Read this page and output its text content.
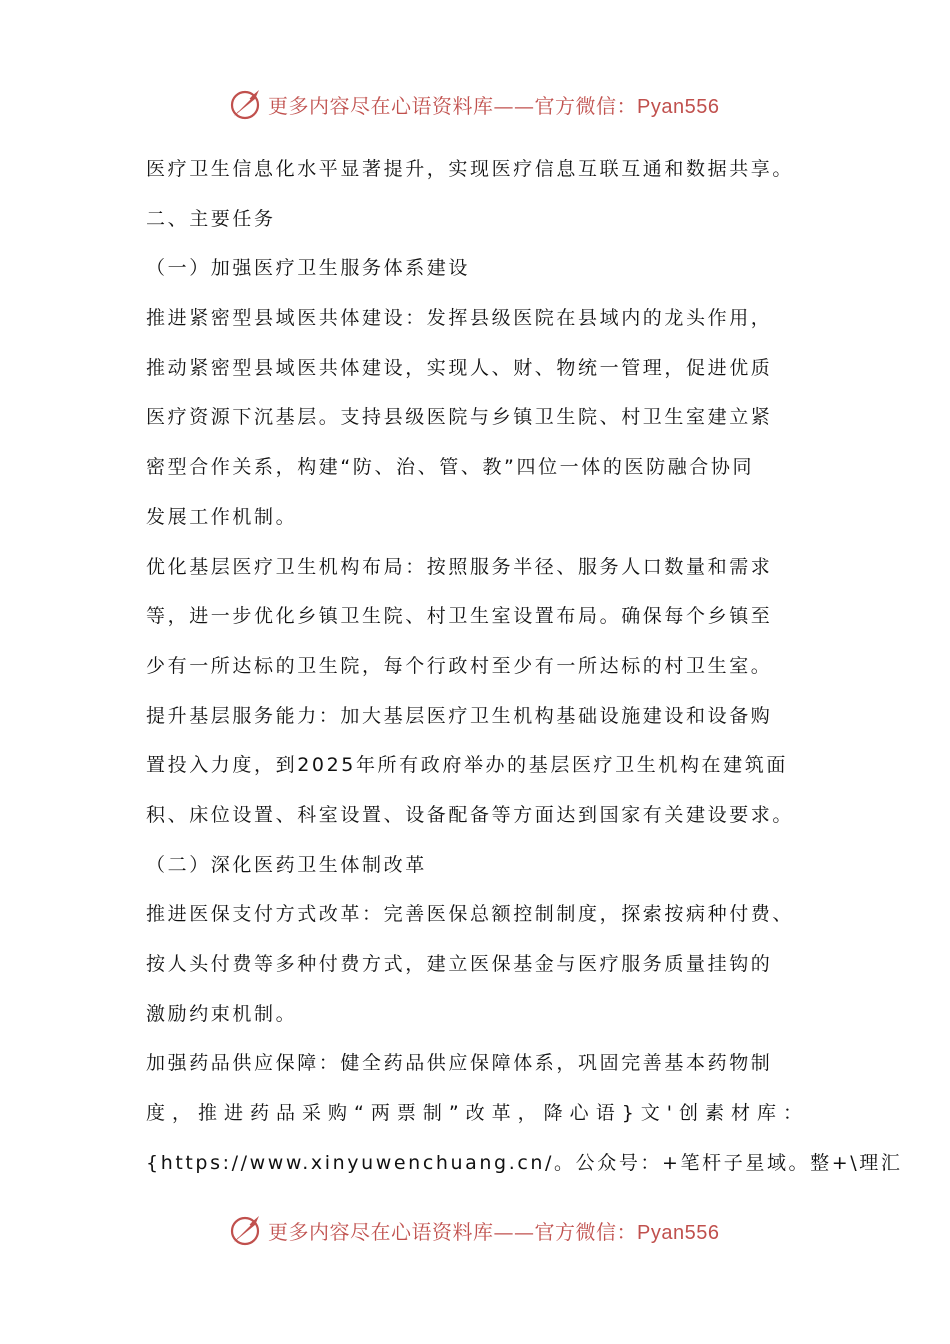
更多内容尽在心语资料库——官方微信：Pyan556
医疗卫生信息化水平显著提升，实现医疗信息互联互通和数据共享。
二、主要任务
（一）加强医疗卫生服务体系建设
推进紧密型县域医共体建设：发挥县级医院在县域内的龙头作用，
推动紧密型县域医共体建设，实现人、财、物统一管理，促进优质
医疗资源下沉基层。支持县级医院与乡镇卫生院、村卫生室建立紧
密型合作关系，构建“防、治、管、教”四位一体的医防融合协同
发展工作机制。
优化基层医疗卫生机构布局：按照服务半径、服务人口数量和需求
等，进一步优化乡镇卫生院、村卫生室设置布局。确保每个乡镇至
少有一所达标的卫生院，每个行政村至少有一所达标的村卫生室。
提升基层服务能力：加大基层医疗卫生机构基础设施建设和设备购
置投入力度，到2025年所有政府举办的基层医疗卫生机构在建筑面
积、床位设置、科室设置、设备配备等方面达到国家有关建设要求。
（二）深化医药卫生体制改革
推进医保支付方式改革：完善医保总额控制制度，探索按病种付费、
按人头付费等多种付费方式，建立医保基金与医疗服务质量挂钩的
激励约束机制。
加强药品供应保障：健全药品供应保障体系，巩固完善基本药物制
度，推进药品采购“两票制”改革，降心语}文'创素材库：
{https://www.xinyuwenchuang.cn/。公众号：+笔杆子星域。整+\理汇
更多内容尽在心语资料库——官方微信：Pyan556
